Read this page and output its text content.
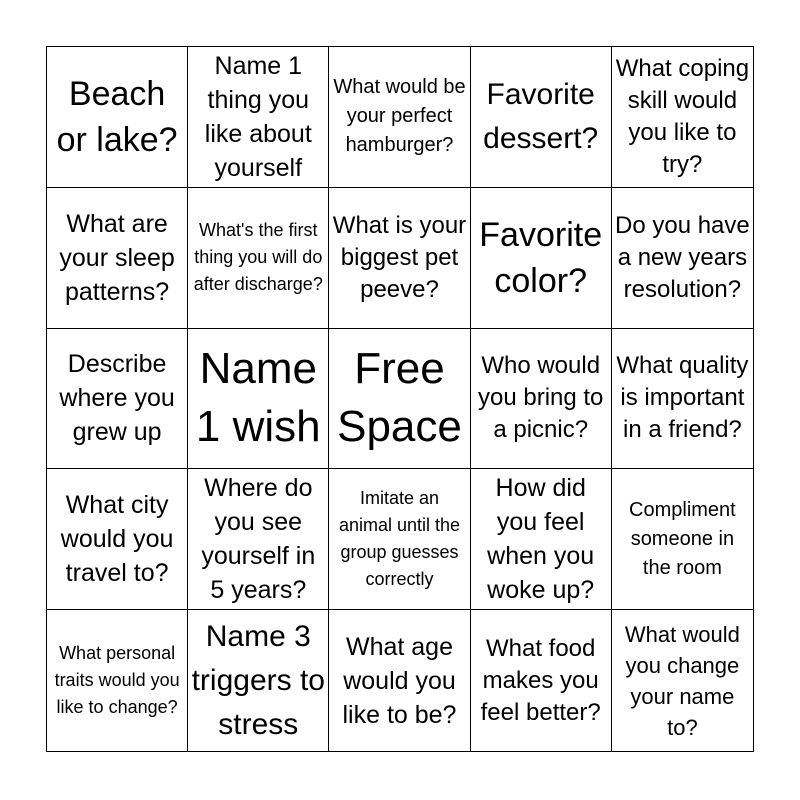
Beach or lake?
Name 1 thing you like about yourself
What would be your perfect hamburger?
Favorite dessert?
What coping skill would you like to try?
What are your sleep patterns?
What's the first thing you will do after discharge?
What is your biggest pet peeve?
Favorite color?
Do you have a new years resolution?
Describe where you grew up
Name 1 wish
Free Space
Who would you bring to a picnic?
What quality is important in a friend?
What city would you travel to?
Where do you see yourself in 5 years?
Imitate an animal until the group guesses correctly
How did you feel when you woke up?
Compliment someone in the room
What personal traits would you like to change?
Name 3 triggers to stress
What age would you like to be?
What food makes you feel better?
What would you change your name to?
